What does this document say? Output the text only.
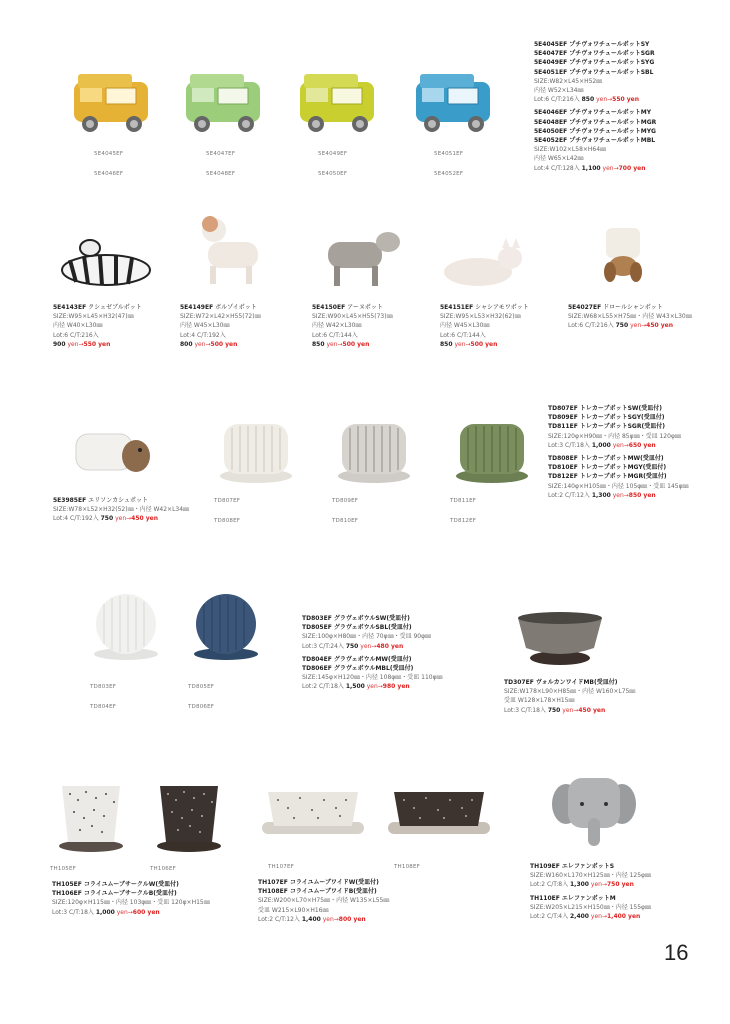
5E4045EF	5E4047EF	5E4049EF	5E4051EF
5E4046EF	5E4048EF	5E4050EF	5E4052EF
5E4045EF プチヴォワチュールポットSY
5E4047EF プチヴォワチュールポットSGR
5E4049EF プチヴォワチュールポットSYG
5E4051EF プチヴォワチュールポットSBL
SIZE:W82×L45×H52㎜
内径 W52×L34㎜
Lot:6 C/T:216入 850 yen→550 yen
5E4046EF プチヴォワチュールポットMY
5E4048EF プチヴォワチュールポットMGR
5E4050EF プチヴォワチュールポットMYG
5E4052EF プチヴォワチュールポットMBL
SIZE:W102×L58×H64㎜
内径 W65×L42㎜
Lot:4 C/T:128入 1,100 yen→700 yen
5E4143EF クシェゼブルポット
SIZE:W95×L45×H32(47)㎜
内径 W40×L30㎜
Lot:6 C/T:216入
900 yen→550 yen
5E4149EF ボルゾイポット
SIZE:W72×L42×H55(72)㎜
内径 W45×L30㎜
Lot:4 C/T:192入
800 yen→500 yen
5E4150EF アーヌポット
SIZE:W90×L45×H55(73)㎜
内径 W42×L30㎜
Lot:6 C/T:144入
850 yen→500 yen
5E4151EF シャシアモワポット
SIZE:W95×L53×H32(62)㎜
内径 W45×L30㎜
Lot:6 C/T:144入
850 yen→500 yen
5E4027EF ドロールシャンポット
SIZE:W68×L55×H75㎜・内径 W43×L30㎜
Lot:6 C/T:216入 750 yen→450 yen
5E3985EF エリソンカシュポット
SIZE:W78×L52×H32(52)㎜・内径 W42×L34㎜
Lot:4 C/T:192入 750 yen→450 yen
TD807EF	TD809EF	TD811EF
TD808EF	TD810EF	TD812EF
TD807EF トレカーブポットSW(受皿付)
TD809EF トレカーブポットSGY(受皿付)
TD811EF トレカーブポットSGR(受皿付)
SIZE:120φ×H90㎜・内径 85φ㎜・受皿 120φ㎜
Lot:3 C/T:18入 1,000 yen→650 yen
TD808EF トレカーブポットMW(受皿付)
TD810EF トレカーブポットMGY(受皿付)
TD812EF トレカーブポットMGR(受皿付)
SIZE:140φ×H105㎜・内径 105φ㎜・受皿 145φ㎜
Lot:2 C/T:12入 1,300 yen→850 yen
TD803EF	TD805EF
TD804EF	TD806EF
TD803EF グラヴェボウルSW(受皿付)
TD805EF グラヴェボウルSBL(受皿付)
SIZE:100φ×H80㎜・内径 70φ㎜・受皿 90φ㎜
Lot:3 C/T:24入 750 yen→480 yen
TD804EF グラヴェボウルMW(受皿付)
TD806EF グラヴェボウルMBL(受皿付)
SIZE:145φ×H120㎜・内径 108φ㎜・受皿 110φ㎜
Lot:2 C/T:18入 1,500 yen→980 yen
TD307EF ヴォルカンワイドMB(受皿付)
SIZE:W178×L90×H85㎜・内径 W160×L75㎜
受皿 W128×L78×H15㎜
Lot:3 C/T:18入 750 yen→450 yen
TH105EF	TH106EF	TH107EF	TH108EF
TH105EF コライユムーブサークルW(受皿付)
TH106EF コライユムーブサークルB(受皿付)
SIZE:120φ×H115㎜・内径 103φ㎜・受皿 120φ×H15㎜
Lot:3 C/T:18入 1,000 yen→600 yen
TH107EF コライユムーブワイドW(受皿付)
TH108EF コライユムーブワイドB(受皿付)
SIZE:W200×L70×H75㎜・内径 W135×L55㎜
受皿 W215×L90×H16㎜
Lot:2 C/T:12入 1,400 yen→800 yen
TH109EF エレファンポットS
SIZE:W160×L170×H125㎜・内径 125φ㎜
Lot:2 C/T:8入 1,300 yen→750 yen
TH110EF エレファンポットM
SIZE:W205×L215×H150㎜・内径 155φ㎜
Lot:2 C/T:4入 2,400 yen→1,400 yen
16
